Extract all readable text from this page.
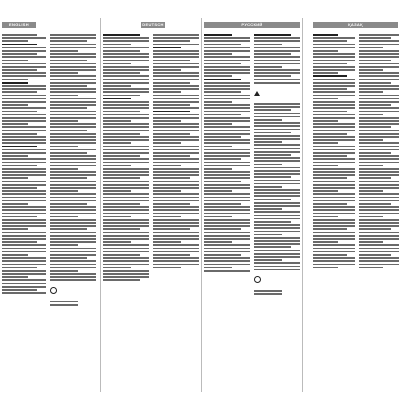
ENGLISH	DEUTSCH	РУССКИЙ	ҚАЗАҚ
